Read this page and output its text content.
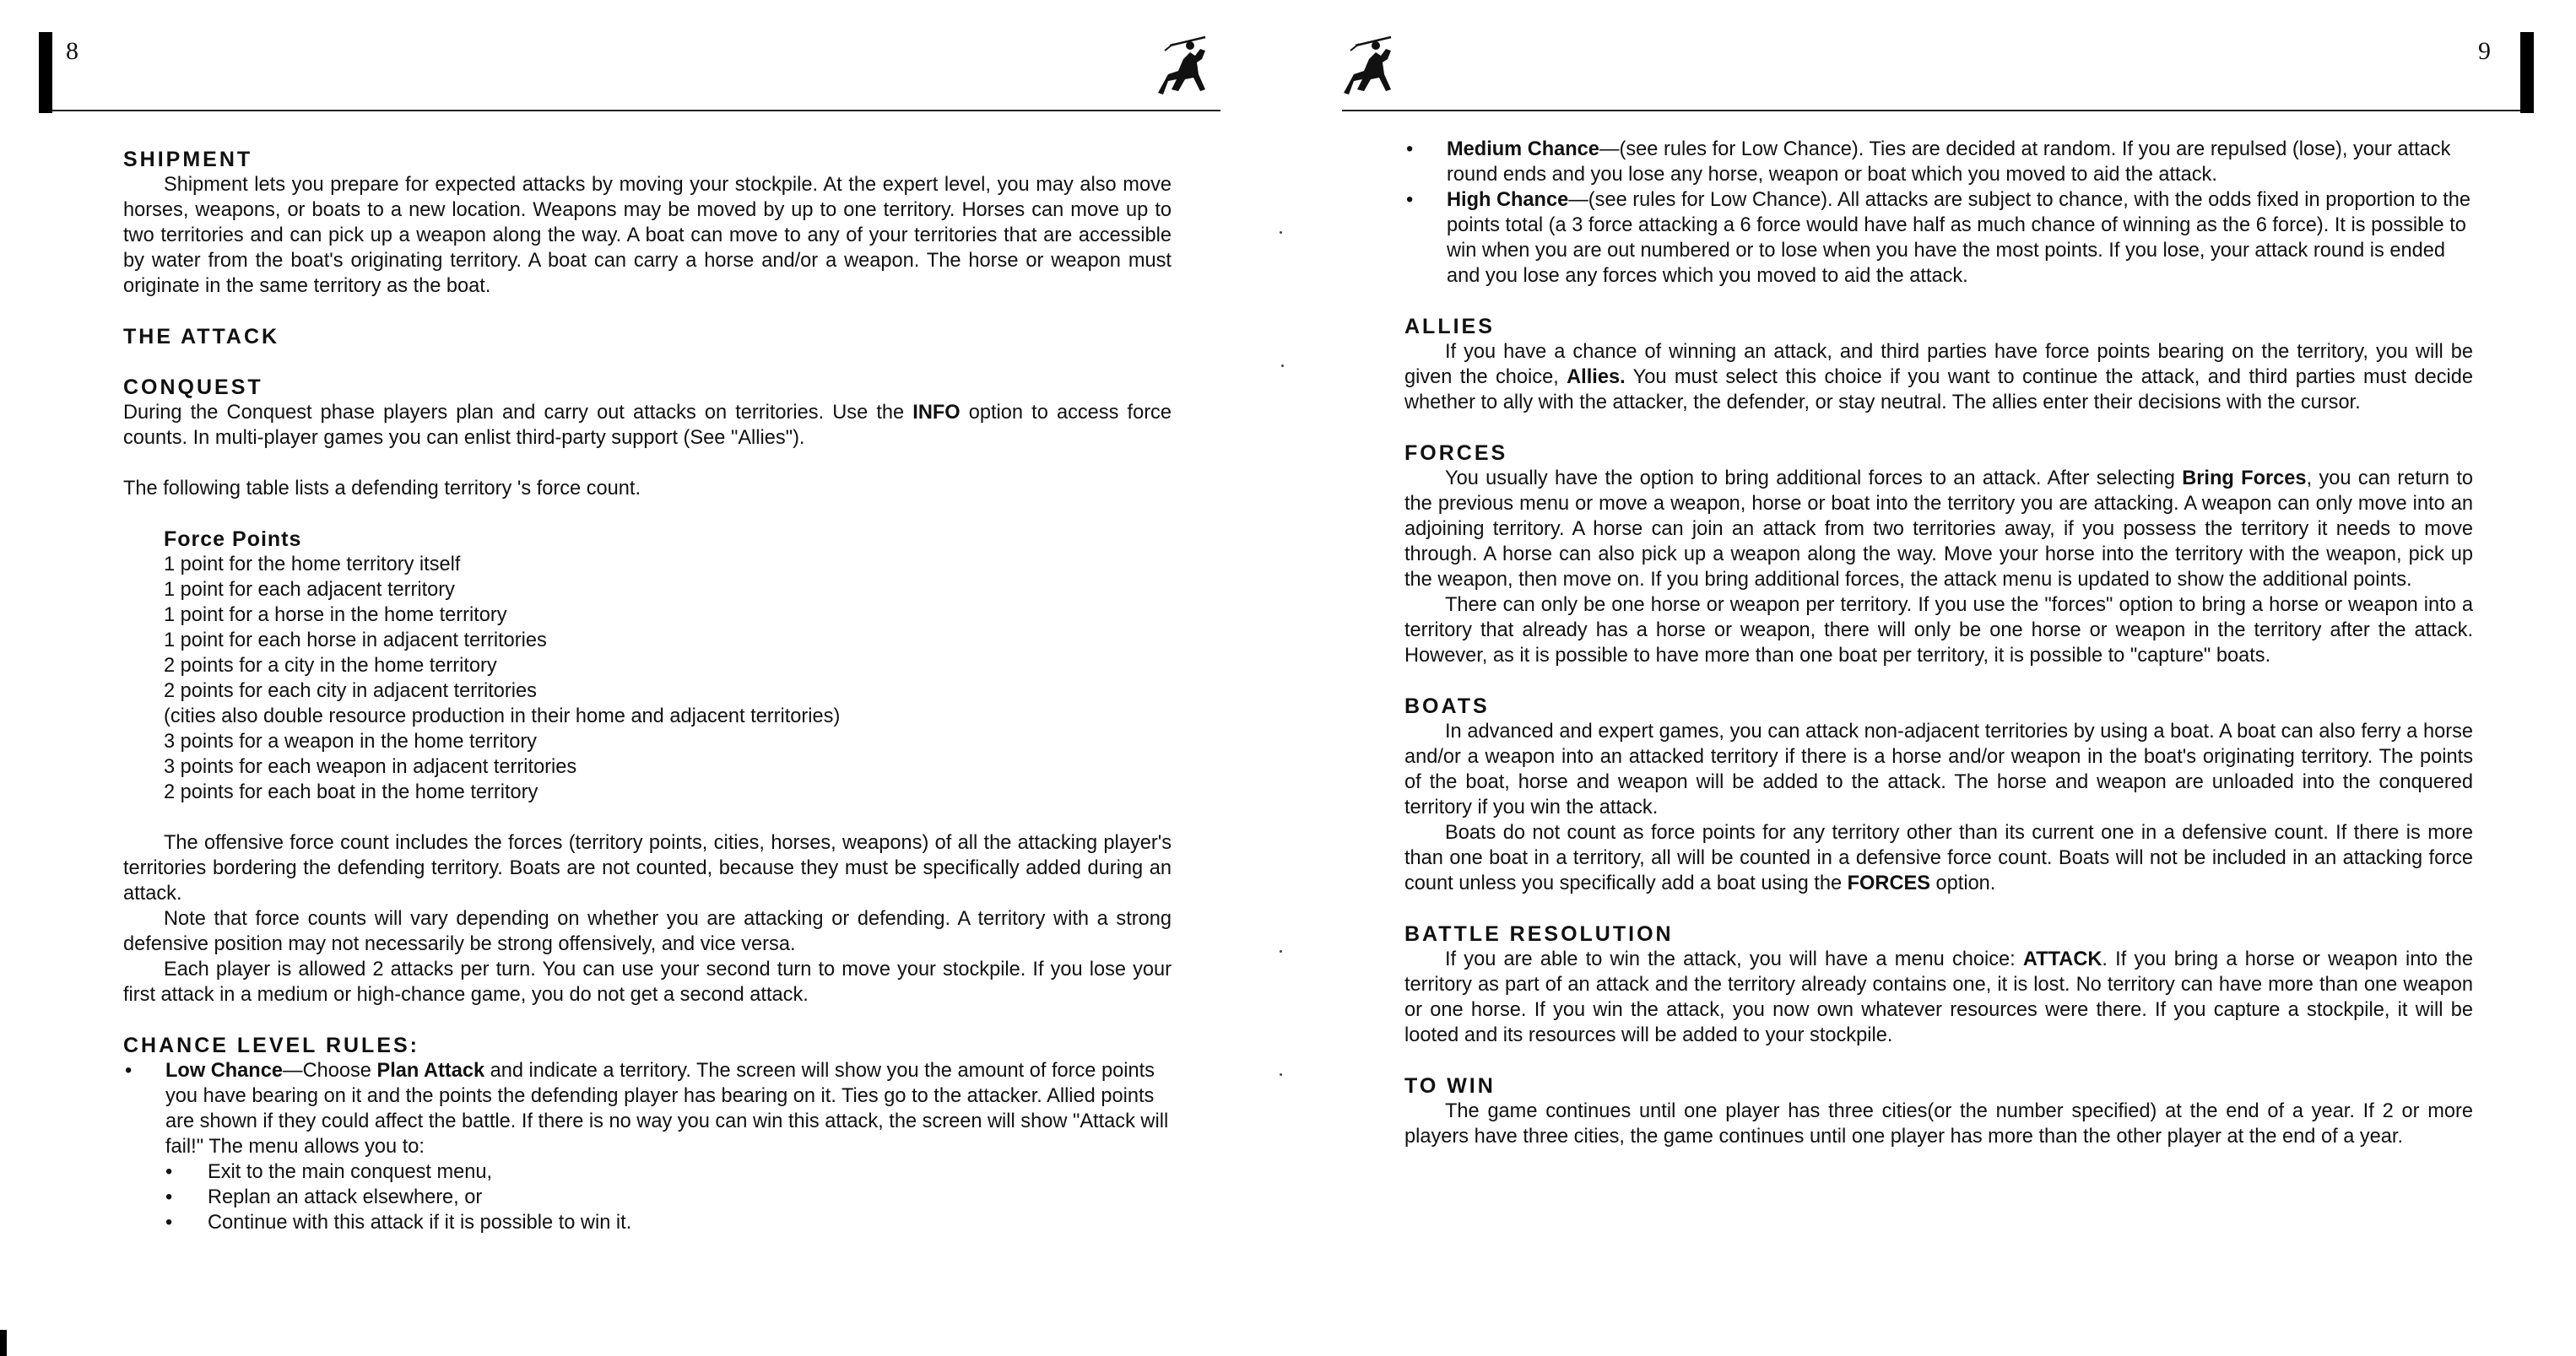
8
SHIPMENT

Shipment lets you prepare for expected attacks by moving your stockpile. At the expert level, you may also move horses, weapons, or boats to a new location. Weapons may be moved by up to one territory. Horses can move up to two territories and can pick up a weapon along the way. A boat can move to any of your territories that are accessible by water from the boat's originating territory. A boat can carry a horse and/or a weapon. The horse or weapon must originate in the same territory as the boat.

THE ATTACK
CONQUEST

During the Conquest phase players plan and carry out attacks on territories. Use the INFO option to access force counts. In multi-player games you can enlist third-party support (See "Allies").

The following table lists a defending territory 's force count.

Force Points
1 point for the home territory itself
1 point for each adjacent territory
1 point for a horse in the home territory
1 point for each horse in adjacent territories
2 points for a city in the home territory
2 points for each city in adjacent territories
(cities also double resource production in their home and adjacent territories)
3 points for a weapon in the home territory
3 points for each weapon in adjacent territories
2 points for each boat in the home territory

The offensive force count includes the forces (territory points, cities, horses, weapons) of all the attacking player's territories bordering the defending territory. Boats are not counted, because they must be specifically added during an attack.

Note that force counts will vary depending on whether you are attacking or defending. A territory with a strong defensive position may not necessarily be strong offensively, and vice versa.

Each player is allowed 2 attacks per turn. You can use your second turn to move your stockpile. If you lose your first attack in a medium or high-chance game, you do not get a second attack.

CHANCE LEVEL RULES:
• Low Chance—Choose Plan Attack and indicate a territory. The screen will show you the amount of force points you have bearing on it and the points the defending player has bearing on it. Ties go to the attacker. Allied points are shown if they could affect the battle. If there is no way you can win this attack, the screen will show "Attack will fail!" The menu allows you to:
• Exit to the main conquest menu,
• Replan an attack elsewhere, or
• Continue with this attack if it is possible to win it.
9
• Medium Chance—(see rules for Low Chance). Ties are decided at random. If you are repulsed (lose), your attack round ends and you lose any horse, weapon or boat which you moved to aid the attack.
• High Chance—(see rules for Low Chance). All attacks are subject to chance, with the odds fixed in proportion to the points total (a 3 force attacking a 6 force would have half as much chance of winning as the 6 force). It is possible to win when you are out numbered or to lose when you have the most points. If you lose, your attack round is ended and you lose any forces which you moved to aid the attack.
ALLIES

If you have a chance of winning an attack, and third parties have force points bearing on the territory, you will be given the choice, Allies. You must select this choice if you want to continue the attack, and third parties must decide whether to ally with the attacker, the defender, or stay neutral. The allies enter their decisions with the cursor.

FORCES

You usually have the option to bring additional forces to an attack. After selecting Bring Forces, you can return to the previous menu or move a weapon, horse or boat into the territory you are attacking. A weapon can only move into an adjoining territory. A horse can join an attack from two territories away, if you possess the territory it needs to move through. A horse can also pick up a weapon along the way. Move your horse into the territory with the weapon, pick up the weapon, then move on. If you bring additional forces, the attack menu is updated to show the additional points.

There can only be one horse or weapon per territory. If you use the "forces" option to bring a horse or weapon into a territory that already has a horse or weapon, there will only be one horse or weapon in the territory after the attack. However, as it is possible to have more than one boat per territory, it is possible to "capture" boats.

BOATS

In advanced and expert games, you can attack non-adjacent territories by using a boat. A boat can also ferry a horse and/or a weapon into an attacked territory if there is a horse and/or weapon in the boat's originating territory. The points of the boat, horse and weapon will be added to the attack. The horse and weapon are unloaded into the conquered territory if you win the attack.

Boats do not count as force points for any territory other than its current one in a defensive count. If there is more than one boat in a territory, all will be counted in a defensive force count. Boats will not be included in an attacking force count unless you specifically add a boat using the FORCES option.

BATTLE RESOLUTION

If you are able to win the attack, you will have a menu choice: ATTACK. If you bring a horse or weapon into the territory as part of an attack and the territory already contains one, it is lost. No territory can have more than one weapon or one horse. If you win the attack, you now own whatever resources were there. If you capture a stockpile, it will be looted and its resources will be added to your stockpile.

TO WIN

The game continues until one player has three cities(or the number specified) at the end of a year. If 2 or more players have three cities, the game continues until one player has more than the other player at the end of a year.
